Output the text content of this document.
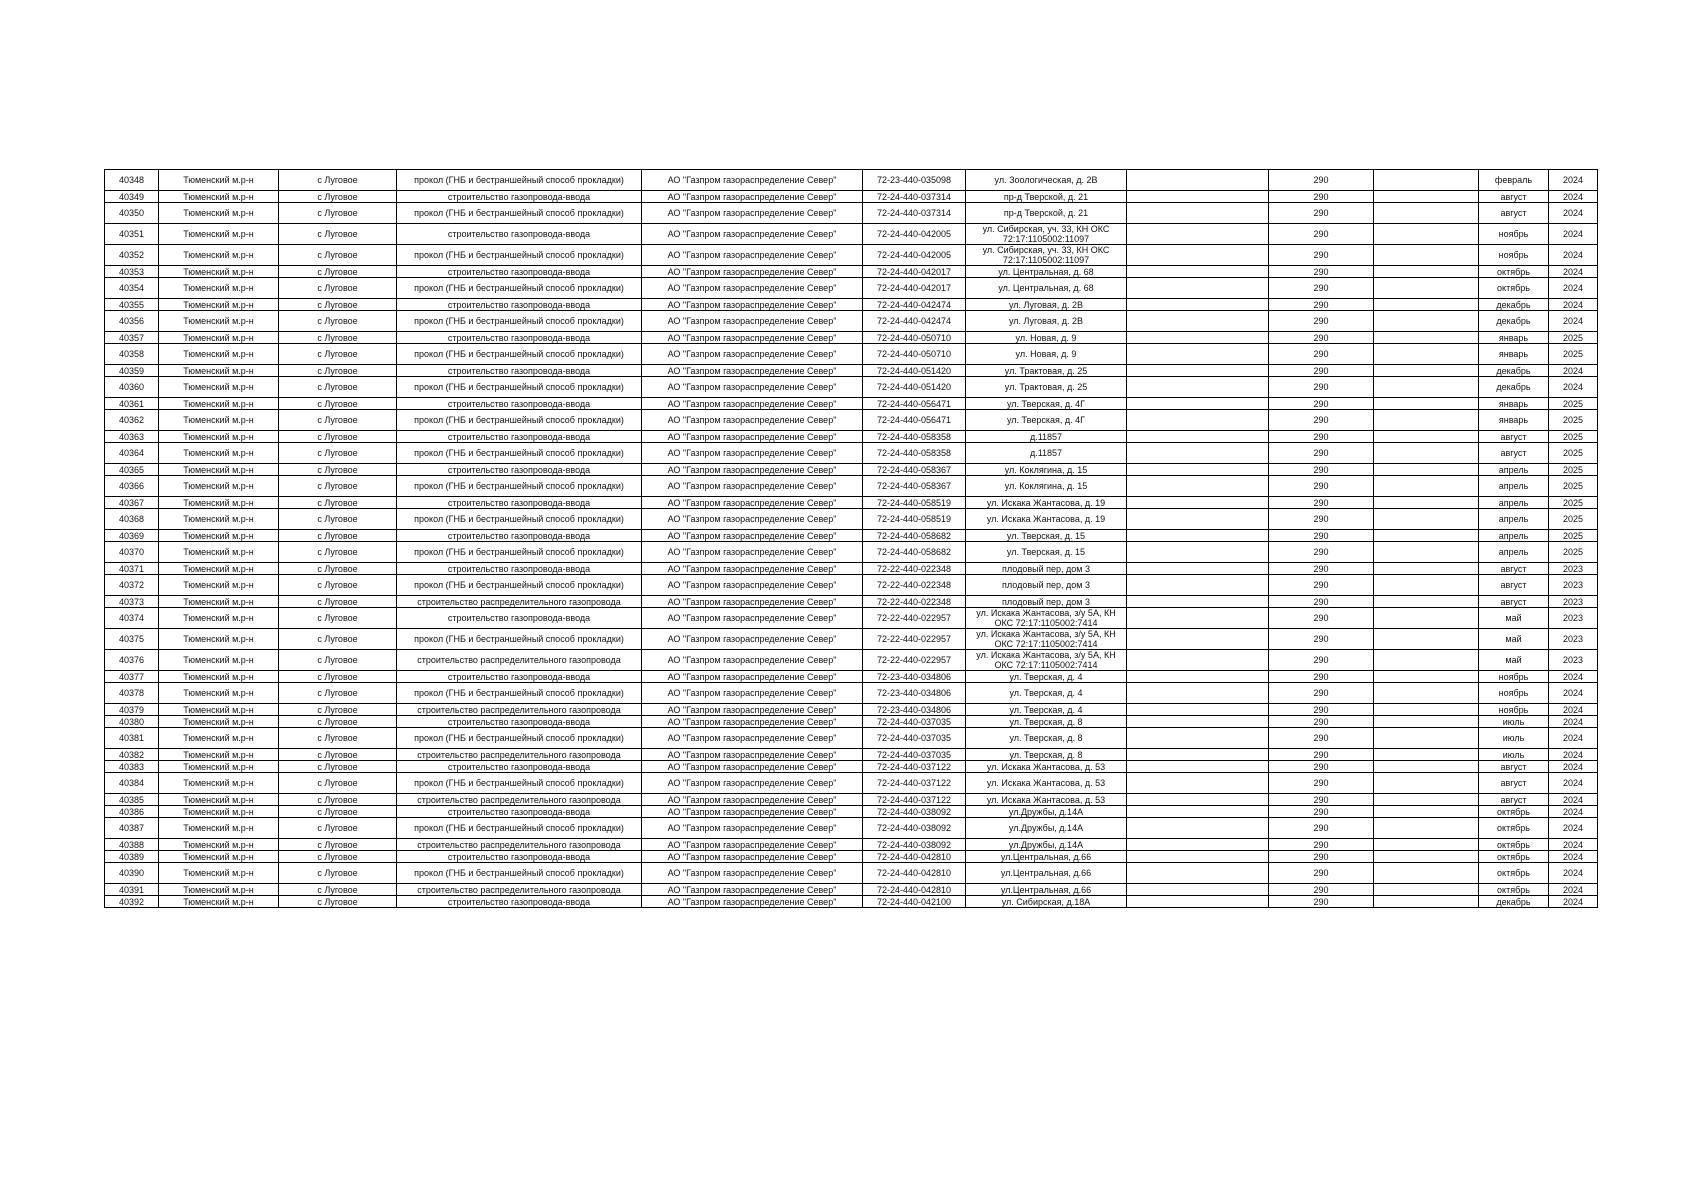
40348	Тюменский м.р-н	с Луговое	прокол (ГНБ и бестраншейный способ прокладки)	АО "Газпром газораспределение Север"	72-23-440-035098	ул. Зоологическая, д. 2В		290		февраль	2024
40349	Тюменский м.р-н	с Луговое	строительство газопровода-ввода	АО "Газпром газораспределение Север"	72-24-440-037314	пр-д Тверской, д. 21		290		август	2024
40350	Тюменский м.р-н	с Луговое	прокол (ГНБ и бестраншейный способ прокладки)	АО "Газпром газораспределение Север"	72-24-440-037314	пр-д Тверской, д. 21		290		август	2024
40351	Тюменский м.р-н	с Луговое	строительство газопровода-ввода	АО "Газпром газораспределение Север"	72-24-440-042005	ул. Сибирская, уч. 33, КН ОКС 72:17:1105002:11097		290		ноябрь	2024
40352	Тюменский м.р-н	с Луговое	прокол (ГНБ и бестраншейный способ прокладки)	АО "Газпром газораспределение Север"	72-24-440-042005	ул. Сибирская, уч. 33, КН ОКС 72:17:1105002:11097		290		ноябрь	2024
40353	Тюменский м.р-н	с Луговое	строительство газопровода-ввода	АО "Газпром газораспределение Север"	72-24-440-042017	ул. Центральная, д. 68		290		октябрь	2024
40354	Тюменский м.р-н	с Луговое	прокол (ГНБ и бестраншейный способ прокладки)	АО "Газпром газораспределение Север"	72-24-440-042017	ул. Центральная, д. 68		290		октябрь	2024
40355	Тюменский м.р-н	с Луговое	строительство газопровода-ввода	АО "Газпром газораспределение Север"	72-24-440-042474	ул. Луговая, д. 2В		290		декабрь	2024
40356	Тюменский м.р-н	с Луговое	прокол (ГНБ и бестраншейный способ прокладки)	АО "Газпром газораспределение Север"	72-24-440-042474	ул. Луговая, д. 2В		290		декабрь	2024
40357	Тюменский м.р-н	с Луговое	строительство газопровода-ввода	АО "Газпром газораспределение Север"	72-24-440-050710	ул. Новая, д. 9		290		январь	2025
40358	Тюменский м.р-н	с Луговое	прокол (ГНБ и бестраншейный способ прокладки)	АО "Газпром газораспределение Север"	72-24-440-050710	ул. Новая, д. 9		290		январь	2025
40359	Тюменский м.р-н	с Луговое	строительство газопровода-ввода	АО "Газпром газораспределение Север"	72-24-440-051420	ул. Трактовая, д. 25		290		декабрь	2024
40360	Тюменский м.р-н	с Луговое	прокол (ГНБ и бестраншейный способ прокладки)	АО "Газпром газораспределение Север"	72-24-440-051420	ул. Трактовая, д. 25		290		декабрь	2024
40361	Тюменский м.р-н	с Луговое	строительство газопровода-ввода	АО "Газпром газораспределение Север"	72-24-440-056471	ул. Тверская, д. 4Г		290		январь	2025
40362	Тюменский м.р-н	с Луговое	прокол (ГНБ и бестраншейный способ прокладки)	АО "Газпром газораспределение Север"	72-24-440-056471	ул. Тверская, д. 4Г		290		январь	2025
40363	Тюменский м.р-н	с Луговое	строительство газопровода-ввода	АО "Газпром газораспределение Север"	72-24-440-058358	д.11857		290		август	2025
40364	Тюменский м.р-н	с Луговое	прокол (ГНБ и бестраншейный способ прокладки)	АО "Газпром газораспределение Север"	72-24-440-058358	д.11857		290		август	2025
40365	Тюменский м.р-н	с Луговое	строительство газопровода-ввода	АО "Газпром газораспределение Север"	72-24-440-058367	ул. Коклягина, д. 15		290		апрель	2025
40366	Тюменский м.р-н	с Луговое	прокол (ГНБ и бестраншейный способ прокладки)	АО "Газпром газораспределение Север"	72-24-440-058367	ул. Коклягина, д. 15		290		апрель	2025
40367	Тюменский м.р-н	с Луговое	строительство газопровода-ввода	АО "Газпром газораспределение Север"	72-24-440-058519	ул. Искака Жантасова, д. 19		290		апрель	2025
40368	Тюменский м.р-н	с Луговое	прокол (ГНБ и бестраншейный способ прокладки)	АО "Газпром газораспределение Север"	72-24-440-058519	ул. Искака Жантасова, д. 19		290		апрель	2025
40369	Тюменский м.р-н	с Луговое	строительство газопровода-ввода	АО "Газпром газораспределение Север"	72-24-440-058682	ул. Тверская, д. 15		290		апрель	2025
40370	Тюменский м.р-н	с Луговое	прокол (ГНБ и бестраншейный способ прокладки)	АО "Газпром газораспределение Север"	72-24-440-058682	ул. Тверская, д. 15		290		апрель	2025
40371	Тюменский м.р-н	с Луговое	строительство газопровода-ввода	АО "Газпром газораспределение Север"	72-22-440-022348	плодовый пер, дом 3		290		август	2023
40372	Тюменский м.р-н	с Луговое	прокол (ГНБ и бестраншейный способ прокладки)	АО "Газпром газораспределение Север"	72-22-440-022348	плодовый пер, дом 3		290		август	2023
40373	Тюменский м.р-н	с Луговое	строительство распределительного газопровода	АО "Газпром газораспределение Север"	72-22-440-022348	плодовый пер, дом 3		290		август	2023
40374	Тюменский м.р-н	с Луговое	строительство газопровода-ввода	АО "Газпром газораспределение Север"	72-22-440-022957	ул. Искака Жантасова, з/у 5А, КН ОКС 72:17:1105002:7414		290		май	2023
40375	Тюменский м.р-н	с Луговое	прокол (ГНБ и бестраншейный способ прокладки)	АО "Газпром газораспределение Север"	72-22-440-022957	ул. Искака Жантасова, з/у 5А, КН ОКС 72:17:1105002:7414		290		май	2023
40376	Тюменский м.р-н	с Луговое	строительство распределительного газопровода	АО "Газпром газораспределение Север"	72-22-440-022957	ул. Искака Жантасова, з/у 5А, КН ОКС 72:17:1105002:7414		290		май	2023
40377	Тюменский м.р-н	с Луговое	строительство газопровода-ввода	АО "Газпром газораспределение Север"	72-23-440-034806	ул. Тверская, д. 4		290		ноябрь	2024
40378	Тюменский м.р-н	с Луговое	прокол (ГНБ и бестраншейный способ прокладки)	АО "Газпром газораспределение Север"	72-23-440-034806	ул. Тверская, д. 4		290		ноябрь	2024
40379	Тюменский м.р-н	с Луговое	строительство распределительного газопровода	АО "Газпром газораспределение Север"	72-23-440-034806	ул. Тверская, д. 4		290		ноябрь	2024
40380	Тюменский м.р-н	с Луговое	строительство газопровода-ввода	АО "Газпром газораспределение Север"	72-24-440-037035	ул. Тверская, д. 8		290		июль	2024
40381	Тюменский м.р-н	с Луговое	прокол (ГНБ и бестраншейный способ прокладки)	АО "Газпром газораспределение Север"	72-24-440-037035	ул. Тверская, д. 8		290		июль	2024
40382	Тюменский м.р-н	с Луговое	строительство распределительного газопровода	АО "Газпром газораспределение Север"	72-24-440-037035	ул. Тверская, д. 8		290		июль	2024
40383	Тюменский м.р-н	с Луговое	строительство газопровода-ввода	АО "Газпром газораспределение Север"	72-24-440-037122	ул. Искака Жантасова, д. 53		290		август	2024
40384	Тюменский м.р-н	с Луговое	прокол (ГНБ и бестраншейный способ прокладки)	АО "Газпром газораспределение Север"	72-24-440-037122	ул. Искака Жантасова, д. 53		290		август	2024
40385	Тюменский м.р-н	с Луговое	строительство распределительного газопровода	АО "Газпром газораспределение Север"	72-24-440-037122	ул. Искака Жантасова, д. 53		290		август	2024
40386	Тюменский м.р-н	с Луговое	строительство газопровода-ввода	АО "Газпром газораспределение Север"	72-24-440-038092	ул.Дружбы, д.14А		290		октябрь	2024
40387	Тюменский м.р-н	с Луговое	прокол (ГНБ и бестраншейный способ прокладки)	АО "Газпром газораспределение Север"	72-24-440-038092	ул.Дружбы, д.14А		290		октябрь	2024
40388	Тюменский м.р-н	с Луговое	строительство распределительного газопровода	АО "Газпром газораспределение Север"	72-24-440-038092	ул.Дружбы, д.14А		290		октябрь	2024
40389	Тюменский м.р-н	с Луговое	строительство газопровода-ввода	АО "Газпром газораспределение Север"	72-24-440-042810	ул.Центральная, д.66		290		октябрь	2024
40390	Тюменский м.р-н	с Луговое	прокол (ГНБ и бестраншейный способ прокладки)	АО "Газпром газораспределение Север"	72-24-440-042810	ул.Центральная, д.66		290		октябрь	2024
40391	Тюменский м.р-н	с Луговое	строительство распределительного газопровода	АО "Газпром газораспределение Север"	72-24-440-042810	ул.Центральная, д.66		290		октябрь	2024
40392	Тюменский м.р-н	с Луговое	строительство газопровода-ввода	АО "Газпром газораспределение Север"	72-24-440-042100	ул. Сибирская, д.18А		290		декабрь	2024
